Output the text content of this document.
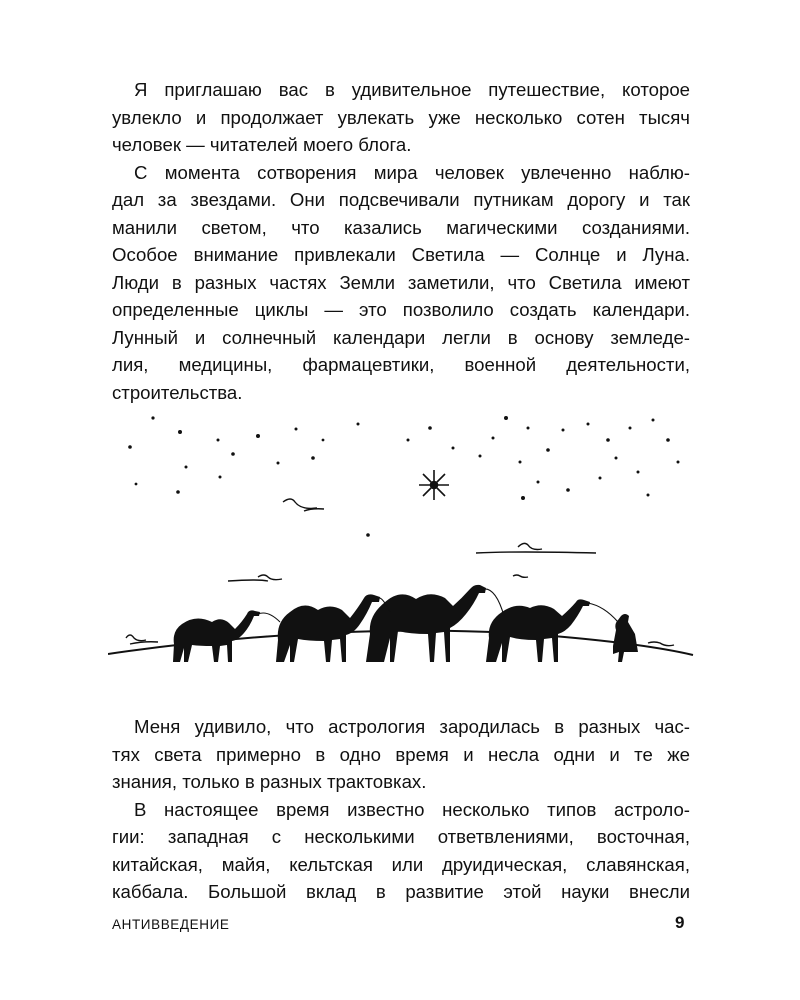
Я приглашаю вас в удивительное путешествие, которое
увлекло и продолжает увлекать уже несколько сотен тысяч
человек — читателей моего блога.
С момента сотворения мира человек увлеченно наблю-
дал за звездами. Они подсвечивали путникам дорогу и так
манили светом, что казались магическими созданиями.
Особое внимание привлекали Светила — Солнце и Луна.
Люди в разных частях Земли заметили, что Светила имеют
определенные циклы — это позволило создать календари.
Лунный и солнечный календари легли в основу земледе-
лия, медицины, фармацевтики, военной деятельности,
строительства.
Меня удивило, что астрология зародилась в разных час-
тях света примерно в одно время и несла одни и те же
знания, только в разных трактовках.
В настоящее время известно несколько типов астроло-
гии: западная с несколькими ответвлениями, восточная,
китайская, майя, кельтская или друидическая, славянская,
каббала. Большой вклад в развитие этой науки внесли
АНТИВВЕДЕНИЕ	9
